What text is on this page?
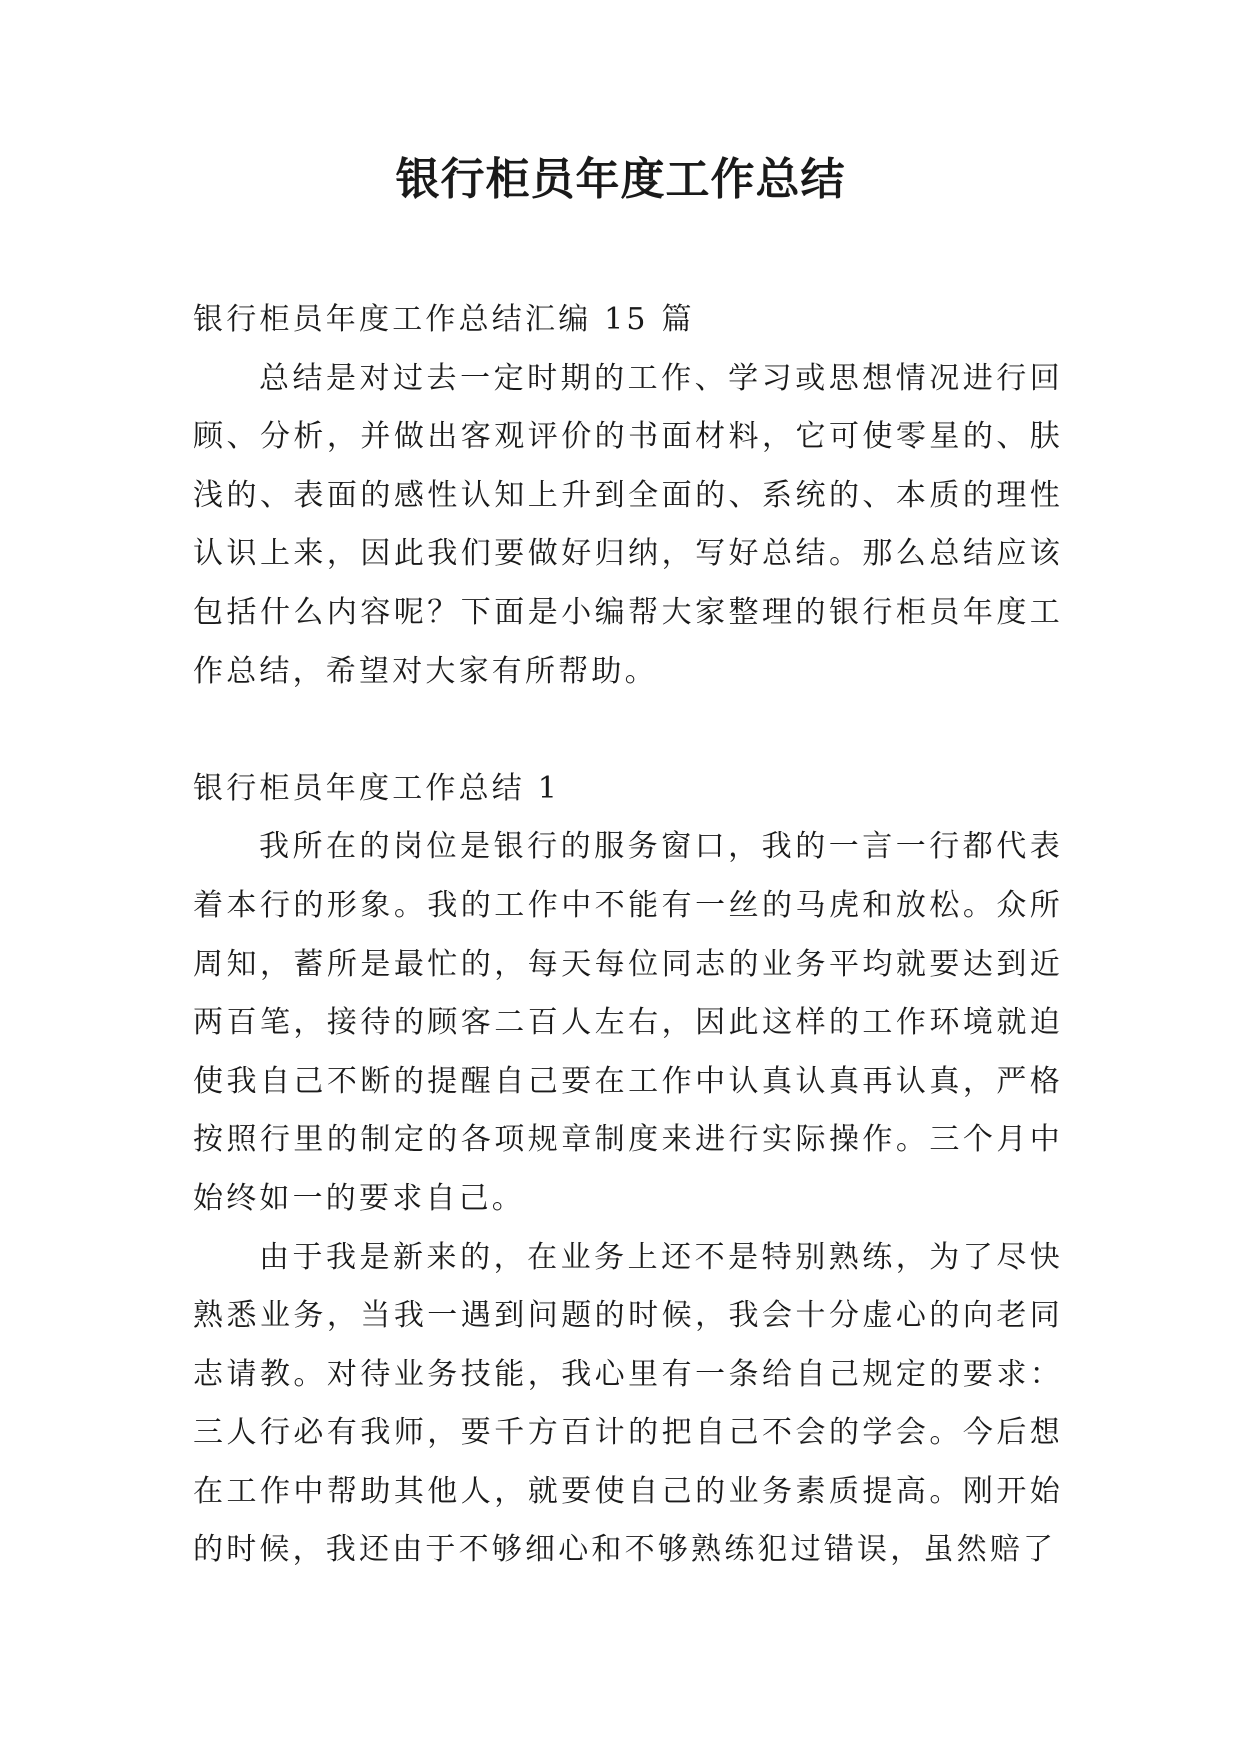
银行柜员年度工作总结

银行柜员年度工作总结汇编 15 篇

总结是对过去一定时期的工作、学习或思想情况进行回顾、分析，并做出客观评价的书面材料，它可使零星的、肤浅的、表面的感性认知上升到全面的、系统的、本质的理性认识上来，因此我们要做好归纳，写好总结。那么总结应该包括什么内容呢？下面是小编帮大家整理的银行柜员年度工作总结，希望对大家有所帮助。

银行柜员年度工作总结 1

我所在的岗位是银行的服务窗口，我的一言一行都代表着本行的形象。我的工作中不能有一丝的马虎和放松。众所周知，蓄所是最忙的，每天每位同志的业务平均就要达到近两百笔，接待的顾客二百人左右，因此这样的工作环境就迫使我自己不断的提醒自己要在工作中认真认真再认真，严格按照行里的制定的各项规章制度来进行实际操作。三个月中始终如一的要求自己。

由于我是新来的，在业务上还不是特别熟练，为了尽快熟悉业务，当我一遇到问题的时候，我会十分虚心的向老同志请教。对待业务技能，我心里有一条给自己规定的要求：三人行必有我师，要千方百计的把自己不会的学会。今后想在工作中帮助其他人，就要使自己的业务素质提高。刚开始的时候，我还由于不够细心和不够熟练犯过错误，虽然赔了
